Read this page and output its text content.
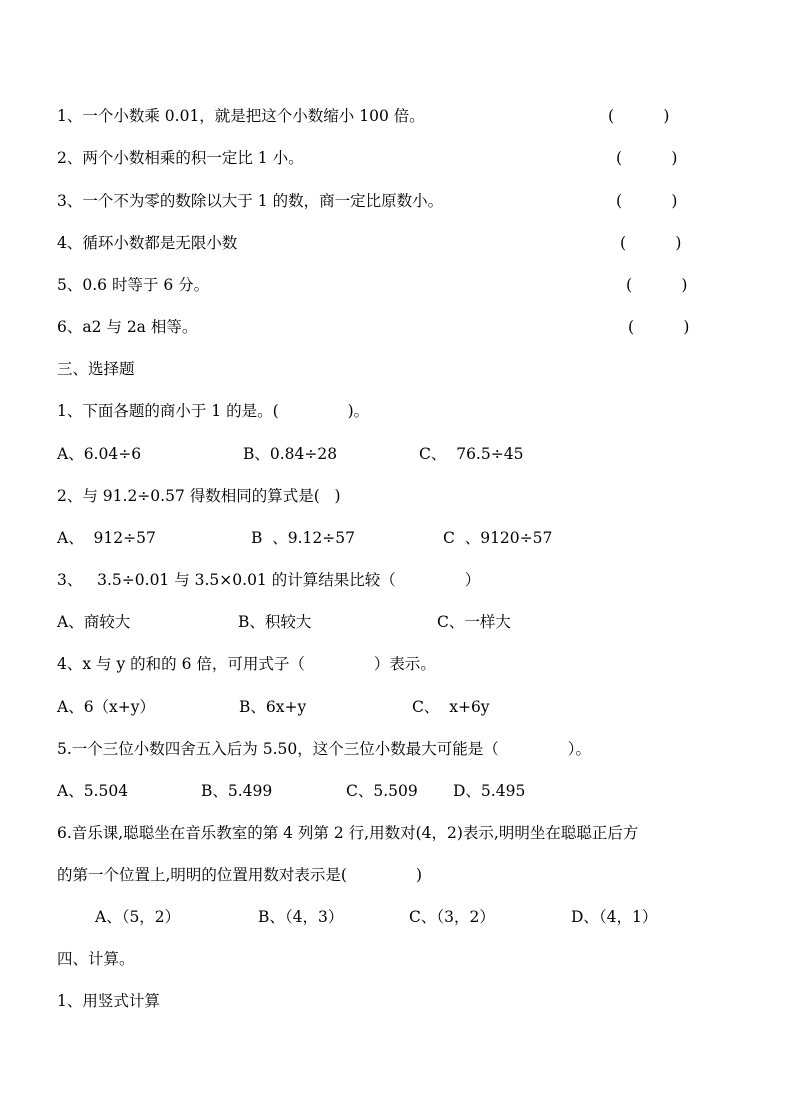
1、一个小数乘 0.01，就是把这个小数缩小 100 倍。	(          )
2、两个小数相乘的积一定比 1 小。	(          )
3、一个不为零的数除以大于 1 的数，商一定比原数小。	(          )
4、循环小数都是无限小数	(          )
5、0.6 时等于 6 分。	(          )
6、a2 与 2a 相等。	(          )
三、选择题
1、下面各题的商小于 1 的是。(              )。
A、6.04÷6	B、0.84÷28	C、  76.5÷45
2、与 91.2÷0.57 得数相同的算式是(   )
A、  912÷57	B  、9.12÷57	C  、9120÷57
3、   3.5÷0.01 与 3.5×0.01 的计算结果比较（              ）
A、商较大	B、积较大	C、一样大
4、x 与 y 的和的 6 倍，可用式子（              ）表示。
A、6（x+y）	B、6x+y	C、  x+6y
5.一个三位小数四舍五入后为 5.50，这个三位小数最大可能是（              ）。
A、5.504	B、5.499	C、5.509 D、5.495
6.音乐课,聪聪坐在音乐教室的第 4 列第 2 行,用数对(4，2)表示,明明坐在聪聪正后方
的第一个位置上,明明的位置用数对表示是(              )
A、（5，2）	B、（4，3）	C、（3，2）	D、（4，1）
四、计算。
1、用竖式计算
